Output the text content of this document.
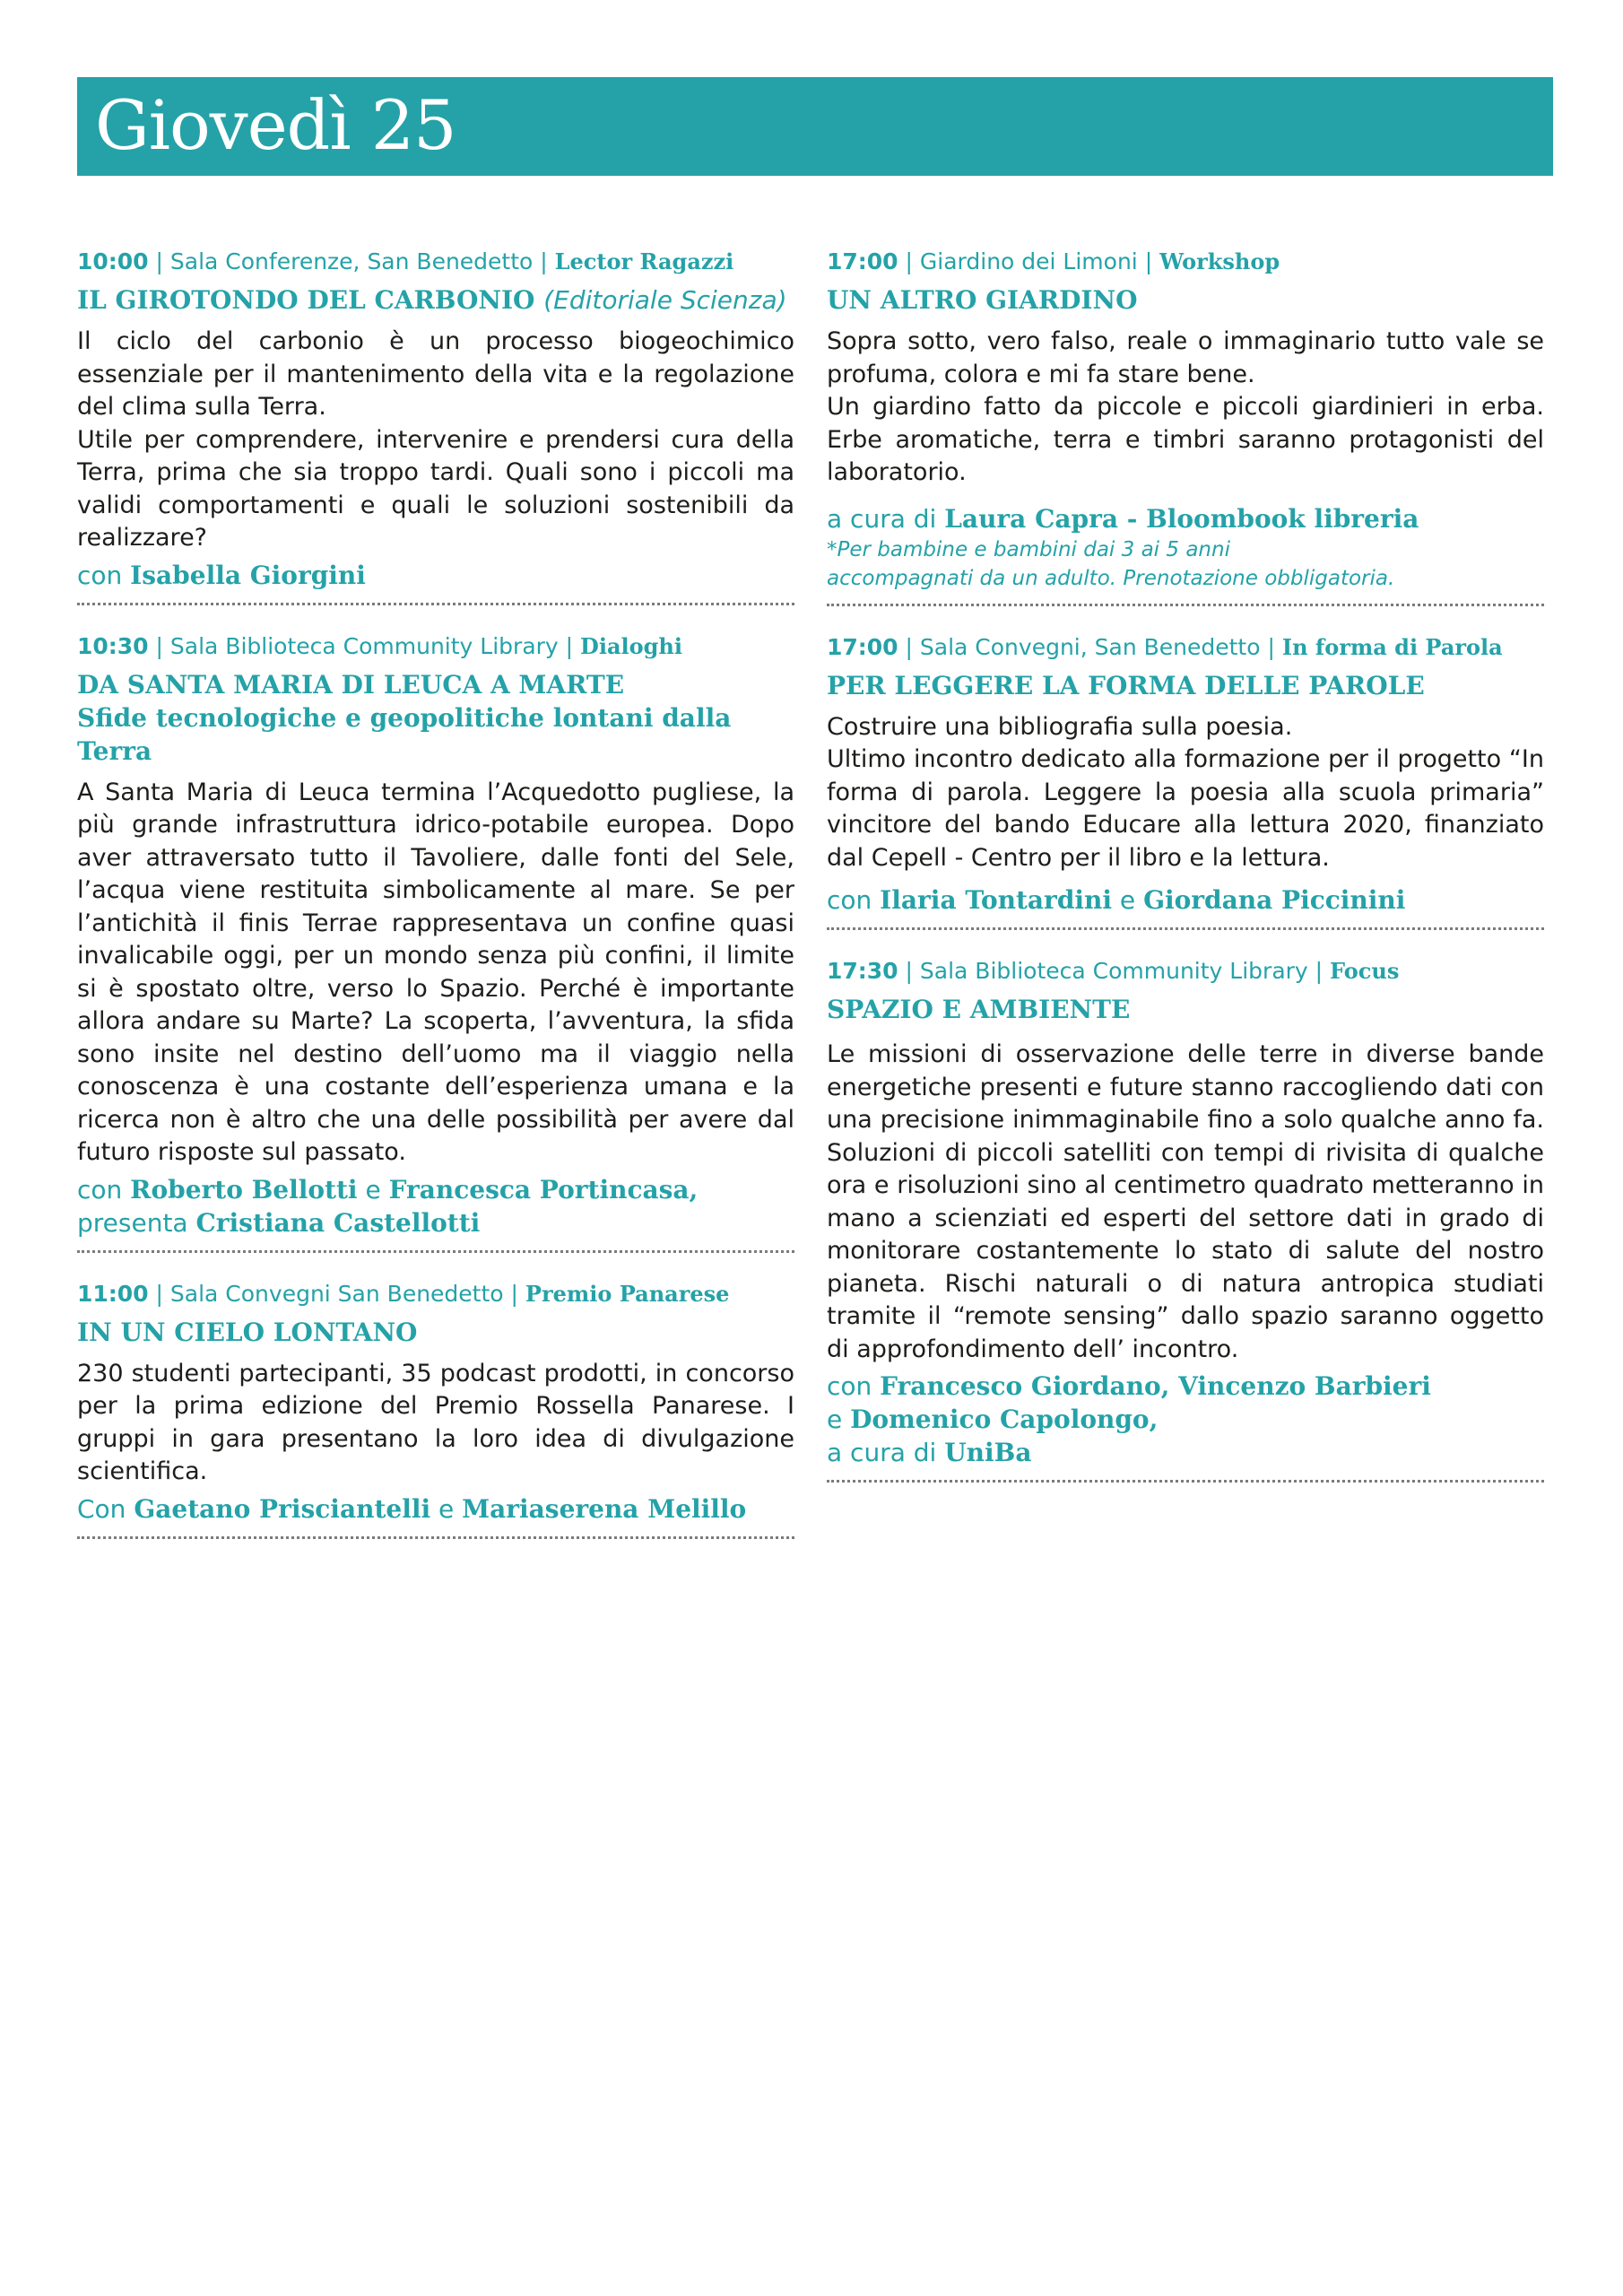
Giovedì 25
10:00 | Sala Conferenze, San Benedetto | Lector Ragazzi
IL GIROTONDO DEL CARBONIO (Editoriale Scienza)

Il ciclo del carbonio è un processo biogeochimico essenziale per il mantenimento della vita e la regolazione del clima sulla Terra.

Utile per comprendere, intervenire e prendersi cura della Terra, prima che sia troppo tardi. Quali sono i piccoli ma validi comportamenti e quali le soluzioni sostenibili da realizzare?

con Isabella Giorgini
10:30 | Sala Biblioteca Community Library | Dialoghi
DA SANTA MARIA DI LEUCA A MARTE
Sfide tecnologiche e geopolitiche lontani dalla Terra

A Santa Maria di Leuca termina l’Acquedotto pugliese, la più grande infrastruttura idrico-potabile europea. Dopo aver attraversato tutto il Tavoliere, dalle fonti del Sele, l’acqua viene restituita simbolicamente al mare. Se per l’antichità il finis Terrae rappresentava un confine quasi invalicabile oggi, per un mondo senza più confini, il limite si è spostato oltre, verso lo Spazio. Perché è importante allora andare su Marte? La scoperta, l’avventura, la sfida sono insite nel destino dell’uomo ma il viaggio nella conoscenza è una costante dell’esperienza umana e la ricerca non è altro che una delle possibilità per avere dal futuro risposte sul passato.

con Roberto Bellotti e Francesca Portincasa,
presenta Cristiana Castellotti
11:00 | Sala Convegni San Benedetto | Premio Panarese
IN UN CIELO LONTANO

230 studenti partecipanti, 35 podcast prodotti, in concorso per la prima edizione del Premio Rossella Panarese. I gruppi in gara presentano la loro idea di divulgazione scientifica.

Con Gaetano Prisciantelli e Mariaserena Melillo
17:00 | Giardino dei Limoni | Workshop
UN ALTRO GIARDINO

Sopra sotto, vero falso, reale o immaginario tutto vale se profuma, colora e mi fa stare bene.

Un giardino fatto da piccole e piccoli giardinieri in erba. Erbe aromatiche, terra e timbri saranno protagonisti del laboratorio.

a cura di Laura Capra - Bloombook libreria
*Per bambine e bambini dai 3 ai 5 anni
accompagnati da un adulto. Prenotazione obbligatoria.
17:00 | Sala Convegni, San Benedetto | In forma di Parola
PER LEGGERE LA FORMA DELLE PAROLE

Costruire una bibliografia sulla poesia.

Ultimo incontro dedicato alla formazione per il progetto “In forma di parola. Leggere la poesia alla scuola primaria” vincitore del bando Educare alla lettura 2020, finanziato dal Cepell - Centro per il libro e la lettura.

con Ilaria Tontardini e Giordana Piccinini
17:30 | Sala Biblioteca Community Library | Focus
SPAZIO E AMBIENTE

Le missioni di osservazione delle terre in diverse bande energetiche presenti e future stanno raccogliendo dati con una precisione inimmaginabile fino a solo qualche anno fa. Soluzioni di piccoli satelliti con tempi di rivisita di qualche ora e risoluzioni sino al centimetro quadrato metteranno in mano a scienziati ed esperti del settore dati in grado di monitorare costantemente lo stato di salute del nostro pianeta. Rischi naturali o di natura antropica studiati tramite il “remote sensing” dallo spazio saranno oggetto di approfondimento dell’ incontro.

con Francesco Giordano, Vincenzo Barbieri
e Domenico Capolongo,
a cura di UniBa
